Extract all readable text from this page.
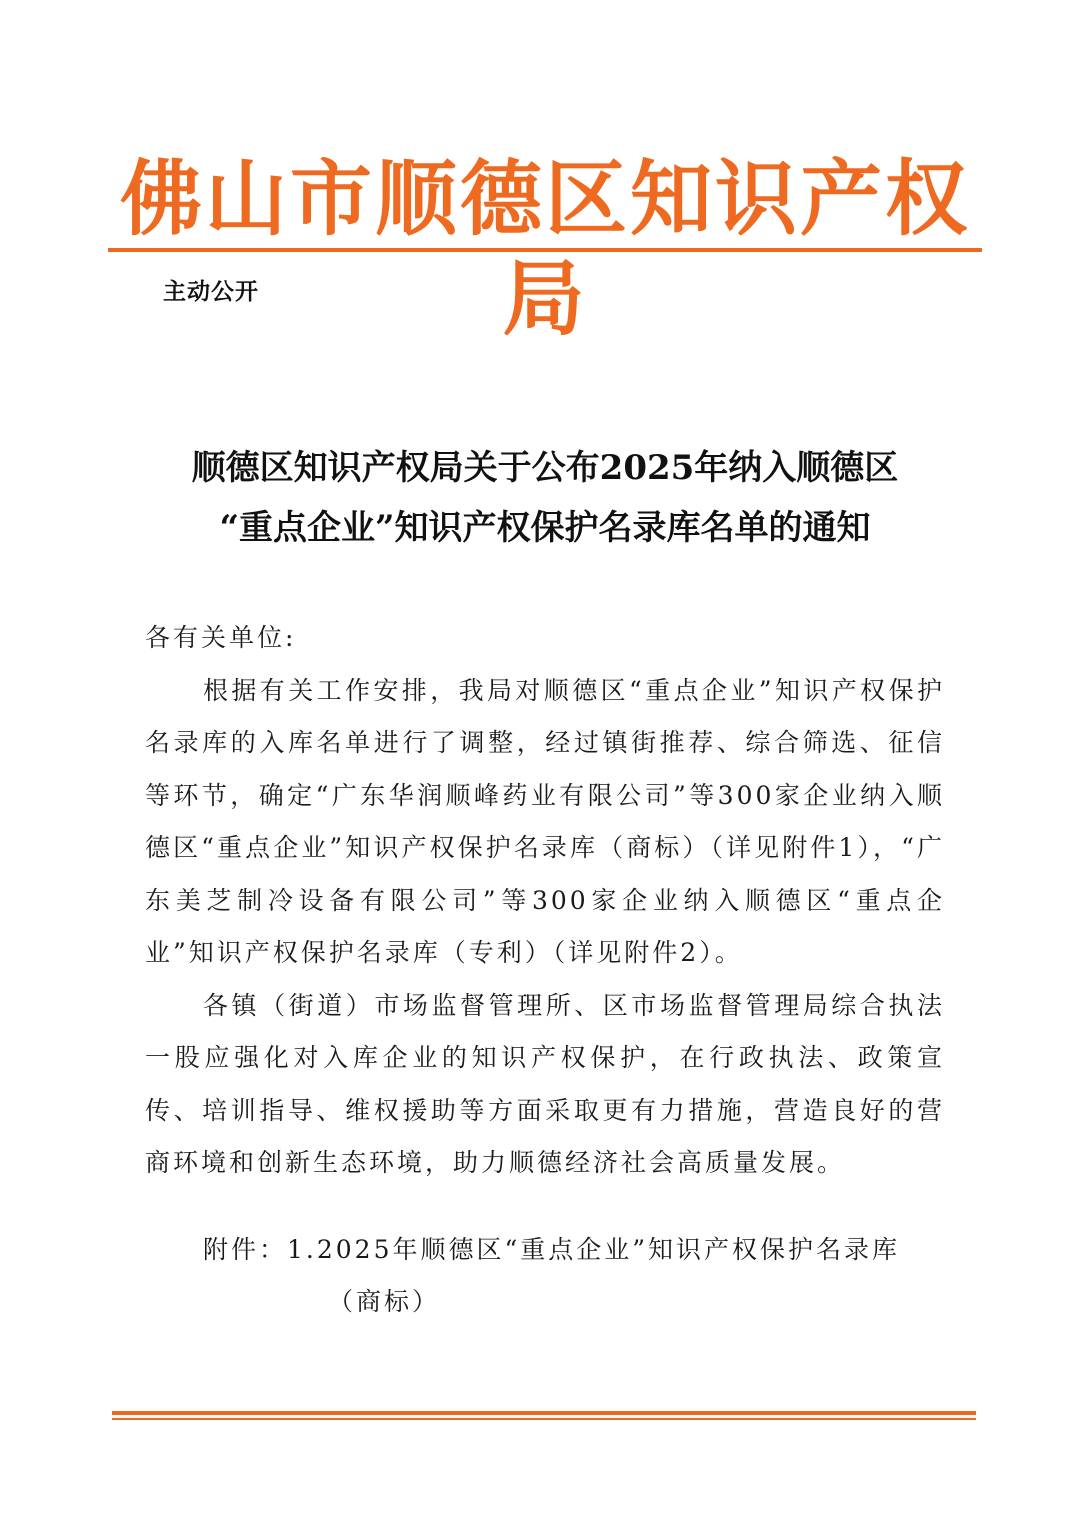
佛山市顺德区知识产权局
主动公开
顺德区知识产权局关于公布2025年纳入顺德区
“重点企业”知识产权保护名录库名单的通知

各有关单位:

根据有关工作安排，我局对顺德区“重点企业”知识产权保护名录库的入库名单进行了调整，经过镇街推荐、综合筛选、征信等环节，确定“广东华润顺峰药业有限公司”等300家企业纳入顺德区“重点企业”知识产权保护名录库（商标）（详见附件1），“广东美芝制冷设备有限公司”等300家企业纳入顺德区“重点企业”知识产权保护名录库（专利）（详见附件2）。

各镇（街道）市场监督管理所、区市场监督管理局综合执法一股应强化对入库企业的知识产权保护，在行政执法、政策宣传、培训指导、维权援助等方面采取更有力措施，营造良好的营商环境和创新生态环境，助力顺德经济社会高质量发展。

附件：1.2025年顺德区“重点企业”知识产权保护名录库
（商标）
